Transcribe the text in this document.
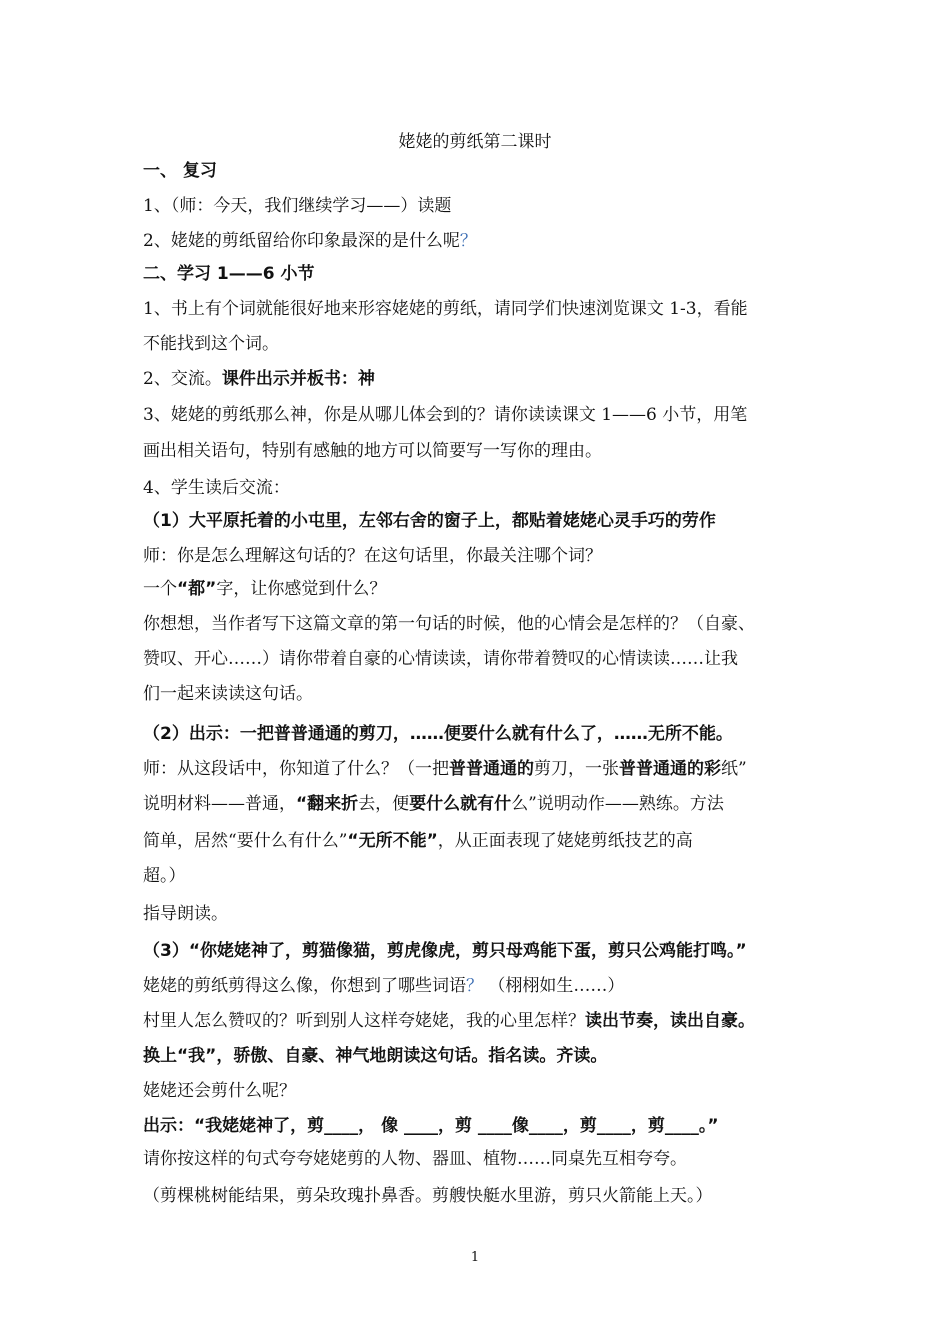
姥姥的剪纸第二课时
一、 复习
1、（师：今天，我们继续学习——）读题
2、姥姥的剪纸留给你印象最深的是什么呢？
二、学习 1——6 小节
1、书上有个词就能很好地来形容姥姥的剪纸，请同学们快速浏览课文 1-3，看能
不能找到这个词。
2、交流。课件出示并板书：神
3、姥姥的剪纸那么神，你是从哪儿体会到的？请你读读课文 1——6 小节，用笔
画出相关语句，特别有感触的地方可以简要写一写你的理由。
4、学生读后交流：
（1）大平原托着的小屯里，左邻右舍的窗子上，都贴着姥姥心灵手巧的劳作
师：你是怎么理解这句话的？在这句话里，你最关注哪个词？
一个“都”字，让你感觉到什么？
你想想，当作者写下这篇文章的第一句话的时候，他的心情会是怎样的？（自豪、
赞叹、开心……）请你带着自豪的心情读读，请你带着赞叹的心情读读……让我
们一起来读读这句话。
（2）出示：一把普普通通的剪刀，……便要什么就有什么了，……无所不能。
师：从这段话中，你知道了什么？（一把普普通通的剪刀，一张普普通通的彩纸”
说明材料——普通，“翻来折去，便要什么就有什么”说明动作——熟练。方法
简单，居然“要什么有什么”“无所不能”，从正面表现了姥姥剪纸技艺的高
超。）
指导朗读。
（3）“你姥姥神了，剪猫像猫，剪虎像虎，剪只母鸡能下蛋，剪只公鸡能打鸣。”
姥姥的剪纸剪得这么像，你想到了哪些词语？ （栩栩如生……）
村里人怎么赞叹的？听到别人这样夸姥姥，我的心里怎样？读出节奏，读出自豪。
换上“我”，骄傲、自豪、神气地朗读这句话。指名读。齐读。
姥姥还会剪什么呢？
出示：“我姥姥神了，剪____， 像 ____，剪 ____像____，剪____，剪____。”
请你按这样的句式夸夸姥姥剪的人物、器皿、植物……同桌先互相夸夸。
（剪棵桃树能结果，剪朵玫瑰扑鼻香。剪艘快艇水里游，剪只火箭能上天。）
1
